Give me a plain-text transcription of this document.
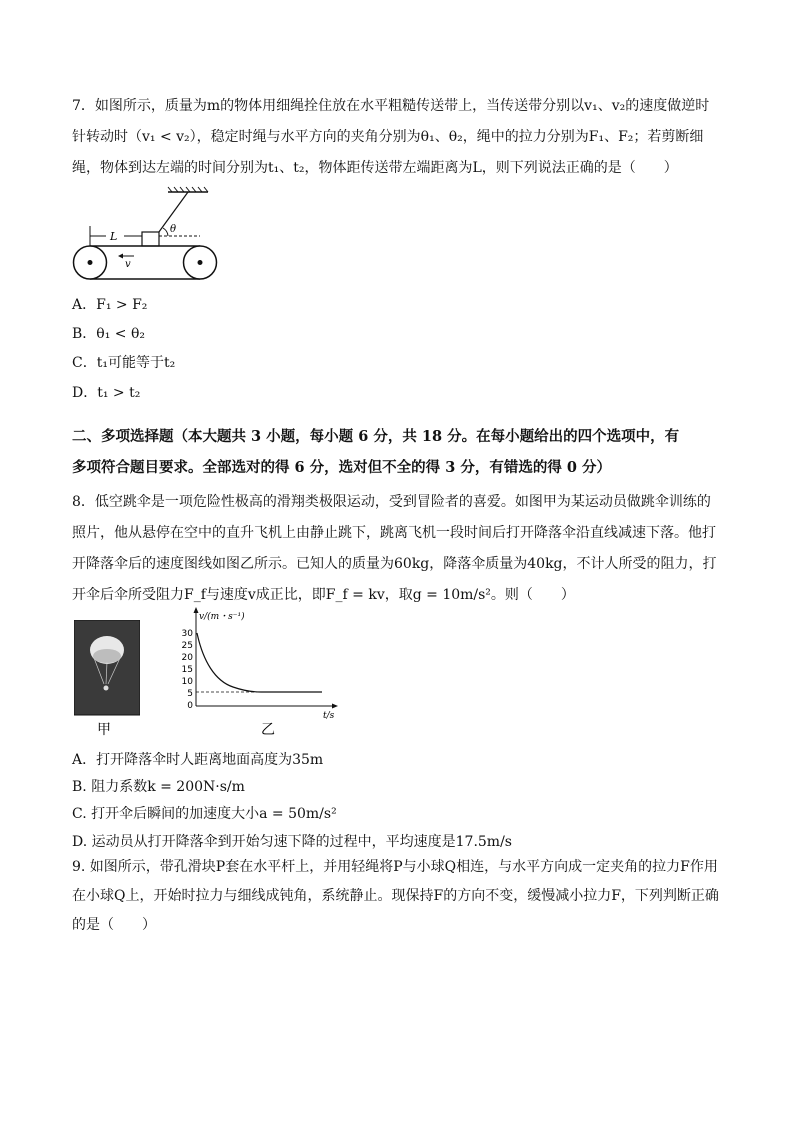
7．如图所示，质量为m的物体用细绳拴住放在水平粗糙传送带上，当传送带分别以v₁、v₂的速度做逆时
针转动时（v₁ < v₂），稳定时绳与水平方向的夹角分别为θ₁、θ₂，绳中的拉力分别为F₁、F₂；若剪断细
绳，物体到达左端的时间分别为t₁、t₂，物体距传送带左端距离为L，则下列说法正确的是（　　）
θ
L
v
A．F₁ > F₂
B．θ₁ < θ₂
C．t₁可能等于t₂
D．t₁ > t₂
二、多项选择题（本大题共 3 小题，每小题 6 分，共 18 分。在每小题给出的四个选项中，有
多项符合题目要求。全部选对的得 6 分，选对但不全的得 3 分，有错选的得 0 分）
8．低空跳伞是一项危险性极高的滑翔类极限运动，受到冒险者的喜爱。如图甲为某运动员做跳伞训练的
照片，他从悬停在空中的直升飞机上由静止跳下，跳离飞机一段时间后打开降落伞沿直线减速下落。他打
开降落伞后的速度图线如图乙所示。已知人的质量为60kg，降落伞质量为40kg，不计人所受的阻力，打
开伞后伞所受阻力F_f与速度v成正比，即F_f = kv，取g = 10m/s²。则（　　）
甲
v/(m・s⁻¹)
t/s
30
25
20
15
10
5
0
乙
A．打开降落伞时人距离地面高度为35m
B. 阻力系数k = 200N·s/m
C. 打开伞后瞬间的加速度大小a = 50m/s²
D. 运动员从打开降落伞到开始匀速下降的过程中，平均速度是17.5m/s
9. 如图所示，带孔滑块P套在水平杆上，并用轻绳将P与小球Q相连，与水平方向成一定夹角的拉力F作用
在小球Q上，开始时拉力与细线成钝角，系统静止。现保持F的方向不变，缓慢减小拉力F，下列判断正确
的是（　　）
